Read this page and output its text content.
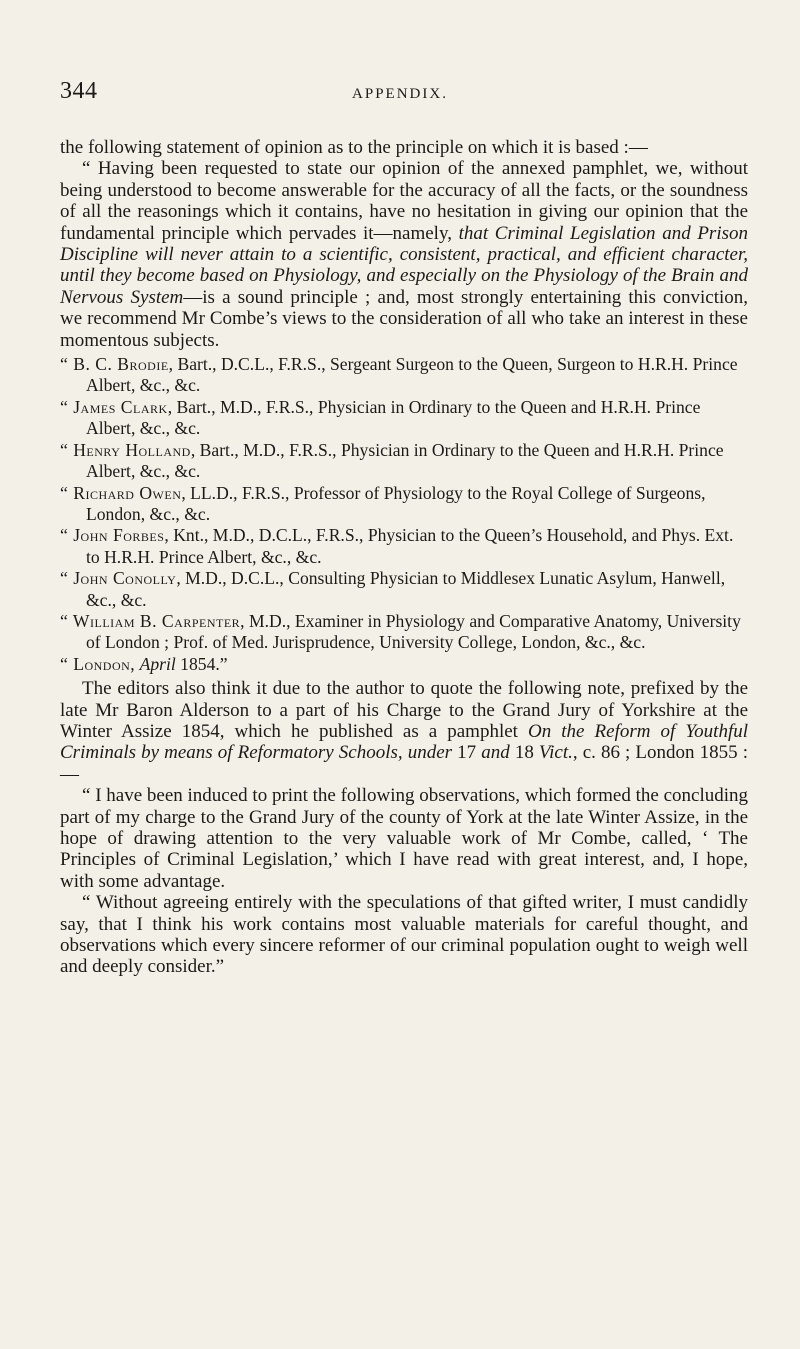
344	APPENDIX.

the following statement of opinion as to the principle on which it is based :—

“ Having been requested to state our opinion of the annexed pamphlet, we, without being understood to become answerable for the accuracy of all the facts, or the soundness of all the reasonings which it contains, have no hesitation in giving our opinion that the fundamental principle which pervades it—namely, that Criminal Legislation and Prison Discipline will never attain to a scientific, consistent, practical, and efficient character, until they become based on Physiology, and especially on the Physiology of the Brain and Nervous System—is a sound principle ; and, most strongly entertaining this conviction, we recommend Mr Combe’s views to the consideration of all who take an interest in these momentous subjects.

“ B. C. Brodie, Bart., D.C.L., F.R.S., Sergeant Surgeon to the Queen, Surgeon to H.R.H. Prince Albert, &c., &c.

“ James Clark, Bart., M.D., F.R.S., Physician in Ordinary to the Queen and H.R.H. Prince Albert, &c., &c.

“ Henry Holland, Bart., M.D., F.R.S., Physician in Ordinary to the Queen and H.R.H. Prince Albert, &c., &c.

“ Richard Owen, LL.D., F.R.S., Professor of Physiology to the Royal College of Surgeons, London, &c., &c.

“ John Forbes, Knt., M.D., D.C.L., F.R.S., Physician to the Queen’s Household, and Phys. Ext. to H.R.H. Prince Albert, &c., &c.

“ John Conolly, M.D., D.C.L., Consulting Physician to Middlesex Lunatic Asylum, Hanwell, &c., &c.

“ William B. Carpenter, M.D., Examiner in Physiology and Comparative Anatomy, University of London ; Prof. of Med. Jurisprudence, University College, London, &c., &c.

“ London, April 1854.”

The editors also think it due to the author to quote the following note, prefixed by the late Mr Baron Alderson to a part of his Charge to the Grand Jury of Yorkshire at the Winter Assize 1854, which he published as a pamphlet On the Reform of Youthful Criminals by means of Reformatory Schools, under 17 and 18 Vict., c. 86 ; London 1855 :—

“ I have been induced to print the following observations, which formed the concluding part of my charge to the Grand Jury of the county of York at the late Winter Assize, in the hope of drawing attention to the very valuable work of Mr Combe, called, ‘ The Principles of Criminal Legislation,’ which I have read with great interest, and, I hope, with some advantage.

“ Without agreeing entirely with the speculations of that gifted writer, I must candidly say, that I think his work contains most valuable materials for careful thought, and observations which every sincere reformer of our criminal population ought to weigh well and deeply consider.”
